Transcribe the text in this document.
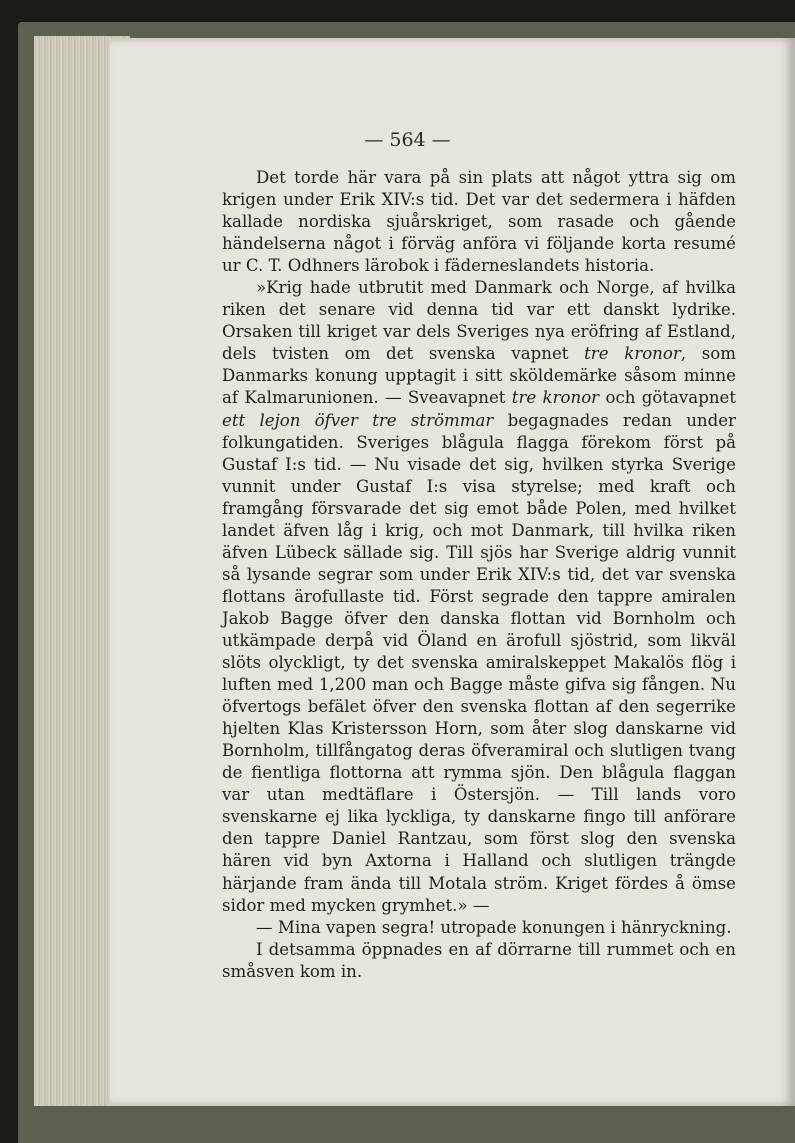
— 564 —

Det torde här vara på sin plats att något yttra sig om krigen under Erik XIV:s tid. Det var det sedermera i häfden kallade nordiska sjuårskriget, som rasade och gående händelserna något i förväg anföra vi följande korta resumé ur C. T. Odhners lärobok i fäderneslandets historia.

»Krig hade utbrutit med Danmark och Norge, af hvilka riken det senare vid denna tid var ett danskt lydrike. Orsaken till kriget var dels Sveriges nya eröfring af Estland, dels tvisten om det svenska vapnet tre kronor, som Danmarks konung upptagit i sitt sköldemärke såsom minne af Kalmarunionen. — Sveavapnet tre kronor och götavapnet ett lejon öfver tre strömmar begagnades redan under folkungatiden. Sveriges blågula flagga förekom först på Gustaf I:s tid. — Nu visade det sig, hvilken styrka Sverige vunnit under Gustaf I:s visa styrelse; med kraft och framgång försvarade det sig emot både Polen, med hvilket landet äfven låg i krig, och mot Danmark, till hvilka riken äfven Lübeck sällade sig. Till sjös har Sverige aldrig vunnit så lysande segrar som under Erik XIV:s tid, det var svenska flottans ärofullaste tid. Först segrade den tappre amiralen Jakob Bagge öfver den danska flottan vid Bornholm och utkämpade derpå vid Öland en ärofull sjöstrid, som likväl slöts olyckligt, ty det svenska amiralskeppet Makalös flög i luften med 1,200 man och Bagge måste gifva sig fången. Nu öfvertogs befälet öfver den svenska flottan af den segerrike hjelten Klas Kristersson Horn, som åter slog danskarne vid Bornholm, tillfångatog deras öfveramiral och slutligen tvang de fientliga flottorna att rymma sjön. Den blågula flaggan var utan medtäflare i Östersjön. — Till lands voro svenskarne ej lika lyckliga, ty danskarne fingo till anförare den tappre Daniel Rantzau, som först slog den svenska hären vid byn Axtorna i Halland och slutligen trängde härjande fram ända till Motala ström. Kriget fördes å ömse sidor med mycken grymhet.» —

— Mina vapen segra! utropade konungen i hänryckning.

I detsamma öppnades en af dörrarne till rummet och en småsven kom in.
